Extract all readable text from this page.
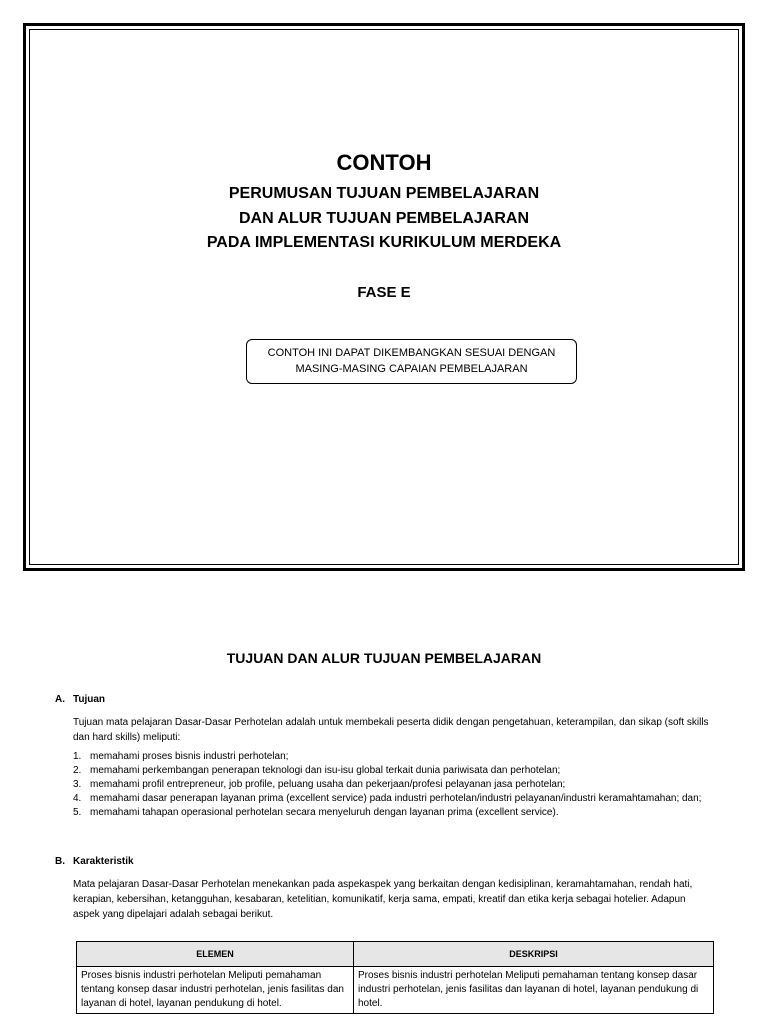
CONTOH
PERUMUSAN TUJUAN PEMBELAJARAN
DAN ALUR TUJUAN PEMBELAJARAN
PADA IMPLEMENTASI KURIKULUM MERDEKA
FASE E
CONTOH INI DAPAT DIKEMBANGKAN SESUAI DENGAN
MASING-MASING CAPAIAN PEMBELAJARAN
TUJUAN DAN ALUR TUJUAN PEMBELAJARAN
A. Tujuan

Tujuan mata pelajaran Dasar-Dasar Perhotelan adalah untuk membekali peserta didik dengan pengetahuan, keterampilan, dan sikap (soft skills dan hard skills) meliputi:

1. memahami proses bisnis industri perhotelan;
2. memahami perkembangan penerapan teknologi dan isu-isu global terkait dunia pariwisata dan perhotelan;
3. memahami profil entrepreneur, job profile, peluang usaha dan pekerjaan/profesi pelayanan jasa perhotelan;
4. memahami dasar penerapan layanan prima (excellent service) pada industri perhotelan/industri pelayanan/industri keramahtamahan; dan;
5. memahami tahapan operasional perhotelan secara menyeluruh dengan layanan prima (excellent service).
B. Karakteristik

Mata pelajaran Dasar-Dasar Perhotelan menekankan pada aspekaspek yang berkaitan dengan kedisiplinan, keramahtamahan, rendah hati, kerapian, kebersihan, ketangguhan, kesabaran, ketelitian, komunikatif, kerja sama, empati, kreatif dan etika kerja sebagai hotelier. Adapun aspek yang dipelajari adalah sebagai berikut.

ELEMEN	DESKRIPSI
Proses bisnis industri perhotelan Meliputi pemahaman tentang konsep dasar industri perhotelan, jenis fasilitas dan layanan di hotel, layanan pendukung di hotel.	Proses bisnis industri perhotelan Meliputi pemahaman tentang konsep dasar industri perhotelan, jenis fasilitas dan layanan di hotel, layanan pendukung di hotel.
